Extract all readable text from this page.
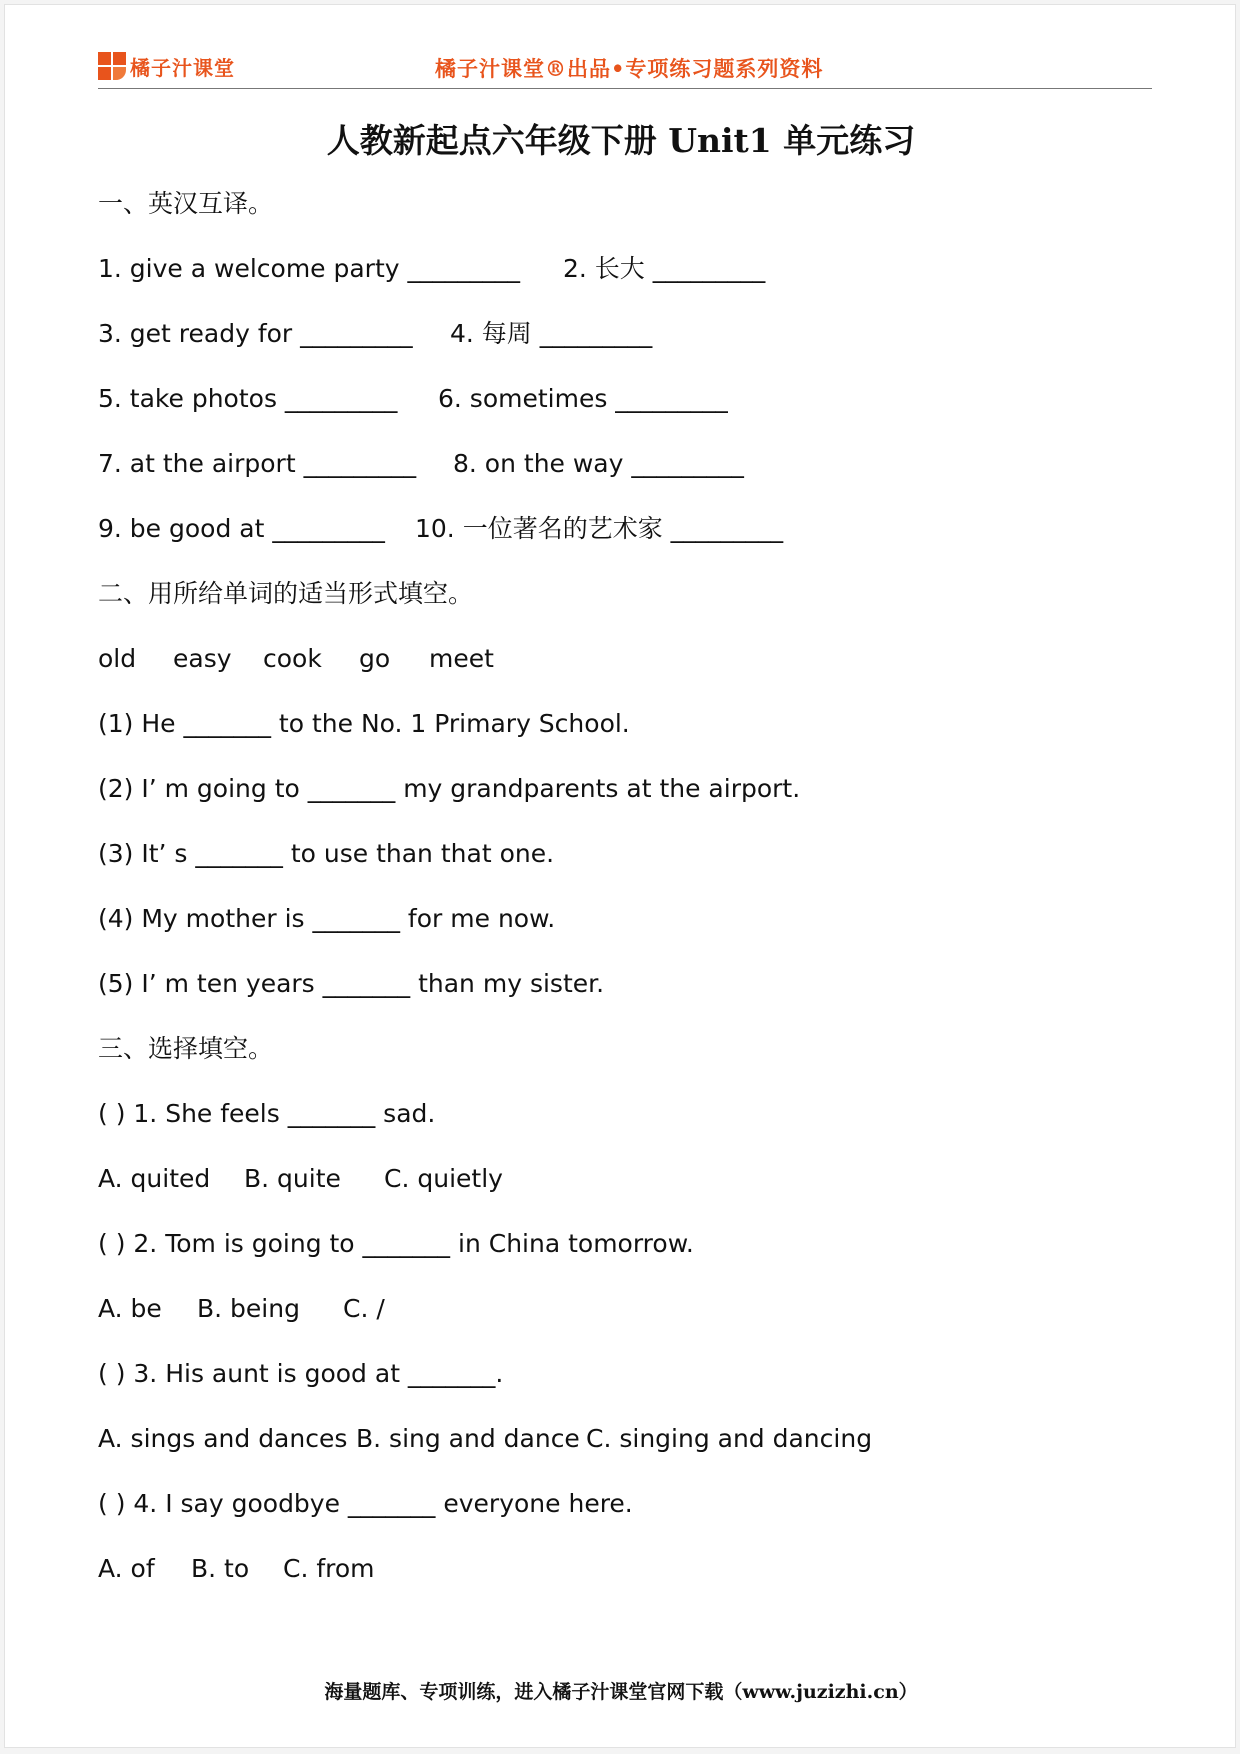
橘子汁课堂	橘子汁课堂®出品•专项练习题系列资料
人教新起点六年级下册 Unit1 单元练习
一、英汉互译。
1. give a welcome party _________ 2. 长大 _________
3. get ready for _________ 4. 每周 _________
5. take photos _________ 6. sometimes _________
7. at the airport _________ 8. on the way _________
9. be good at _________ 10. 一位著名的艺术家 _________
二、用所给单词的适当形式填空。
old easy cook go meet
(1) He _______ to the No. 1 Primary School.
(2) I’ m going to _______ my grandparents at the airport.
(3) It’ s _______ to use than that one.
(4) My mother is _______ for me now.
(5) I’ m ten years _______ than my sister.
三、选择填空。
( ) 1. She feels _______ sad.
A. quited B. quite C. quietly
( ) 2. Tom is going to _______ in China tomorrow.
A. be B. being C. /
( ) 3. His aunt is good at _______.
A. sings and dances B. sing and dance C. singing and dancing
( ) 4. I say goodbye _______ everyone here.
A. of B. to C. from
海量题库、专项训练，进入橘子汁课堂官网下载（www.juzizhi.cn）
